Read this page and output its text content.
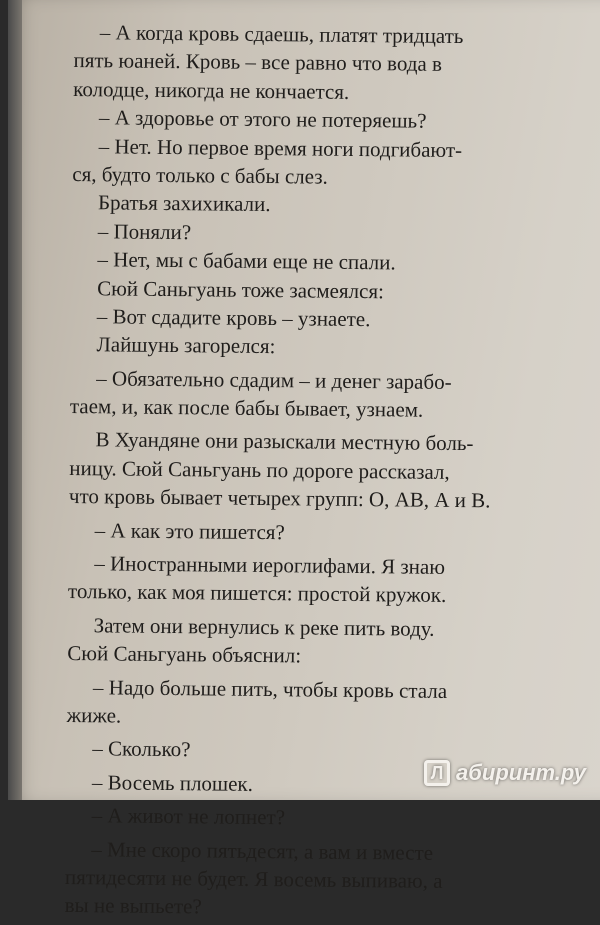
– А когда кровь сдаешь, платят тридцать
пять юаней. Кровь – все равно что вода в
колодце, никогда не кончается.
– А здоровье от этого не потеряешь?
– Нет. Но первое время ноги подгибают-
ся, будто только с бабы слез.
Братья захихикали.
– Поняли?
– Нет, мы с бабами еще не спали.
Сюй Саньгуань тоже засмеялся:
– Вот сдадите кровь – узнаете.
Лайшунь загорелся:
– Обязательно сдадим – и денег зарабо-
таем, и, как после бабы бывает, узнаем.
В Хуандяне они разыскали местную боль-
ницу. Сюй Саньгуань по дороге рассказал,
что кровь бывает четырех групп: О, АВ, А и В.
– А как это пишется?
– Иностранными иероглифами. Я знаю
только, как моя пишется: простой кружок.
Затем они вернулись к реке пить воду.
Сюй Саньгуань объяснил:
– Надо больше пить, чтобы кровь стала
жиже.
– Сколько?
– Восемь плошек.
– А живот не лопнет?
– Мне скоро пятьдесят, а вам и вместе
пятидесяти не будет. Я восемь выпиваю, а
вы не выпьете?	Л абиринт.ру
